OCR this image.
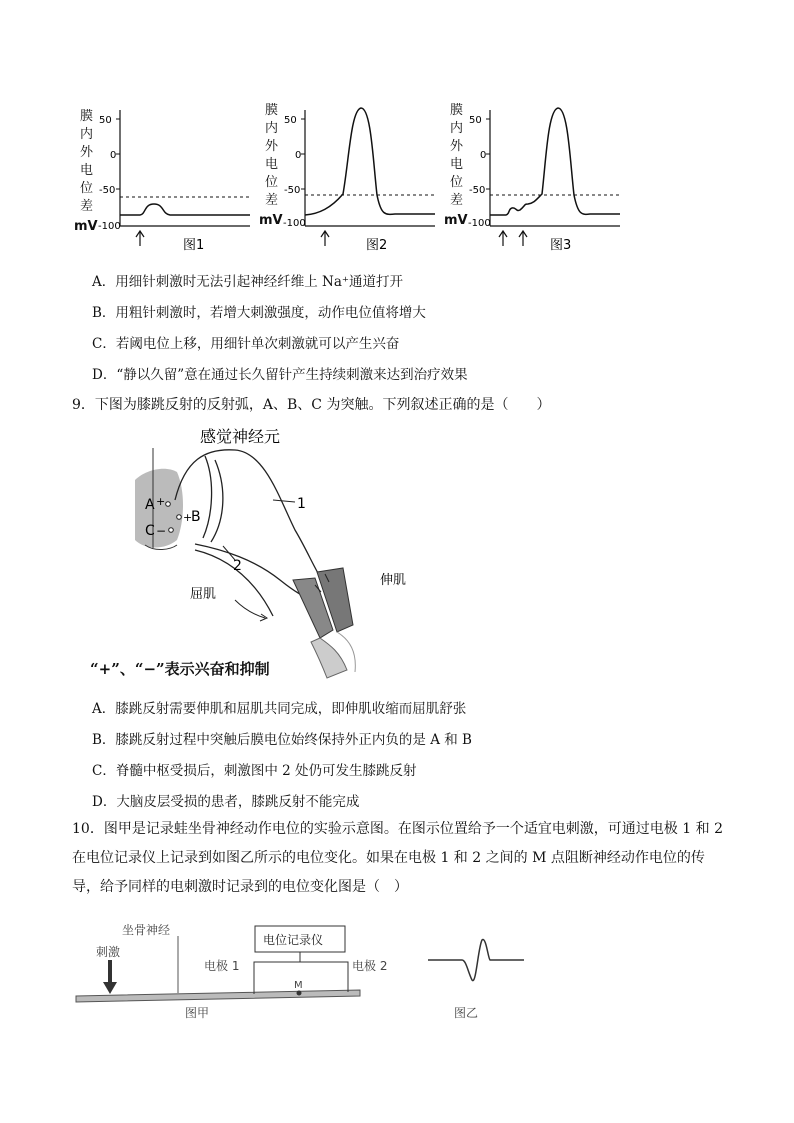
膜
内
外
电
位
差
mV
50
0
-50
-100
图1
膜
内
外
电
位
差
mV
50
0
-50
-100
图2
膜
内
外
电
位
差
mV
50
0
-50
-100
图3
A．用细针刺激时无法引起神经纤维上 Na⁺通道打开
B．用粗针刺激时，若增大刺激强度，动作电位值将增大
C．若阈电位上移，用细针单次刺激就可以产生兴奋
D．“静以久留”意在通过长久留针产生持续刺激来达到治疗效果
9．下图为膝跳反射的反射弧，A、B、C 为突触。下列叙述正确的是（　　）
感觉神经元
1
2
伸肌
屈肌
A +
+
B
C −
“+”、“−”表示兴奋和抑制
A．膝跳反射需要伸肌和屈肌共同完成，即伸肌收缩而屈肌舒张
B．膝跳反射过程中突触后膜电位始终保持外正内负的是 A 和 B
C．脊髓中枢受损后，刺激图中 2 处仍可发生膝跳反射
D．大脑皮层受损的患者，膝跳反射不能完成
10．图甲是记录蛙坐骨神经动作电位的实验示意图。在图示位置给予一个适宜电刺激，可通过电极 1 和 2 在电位记录仪上记录到如图乙所示的电位变化。如果在电极 1 和 2 之间的 M 点阻断神经动作电位的传导，给予同样的电刺激时记录到的电位变化图是（　）
坐骨神经
刺激
电位记录仪
电极 1	电极 2
M
图甲	图乙
